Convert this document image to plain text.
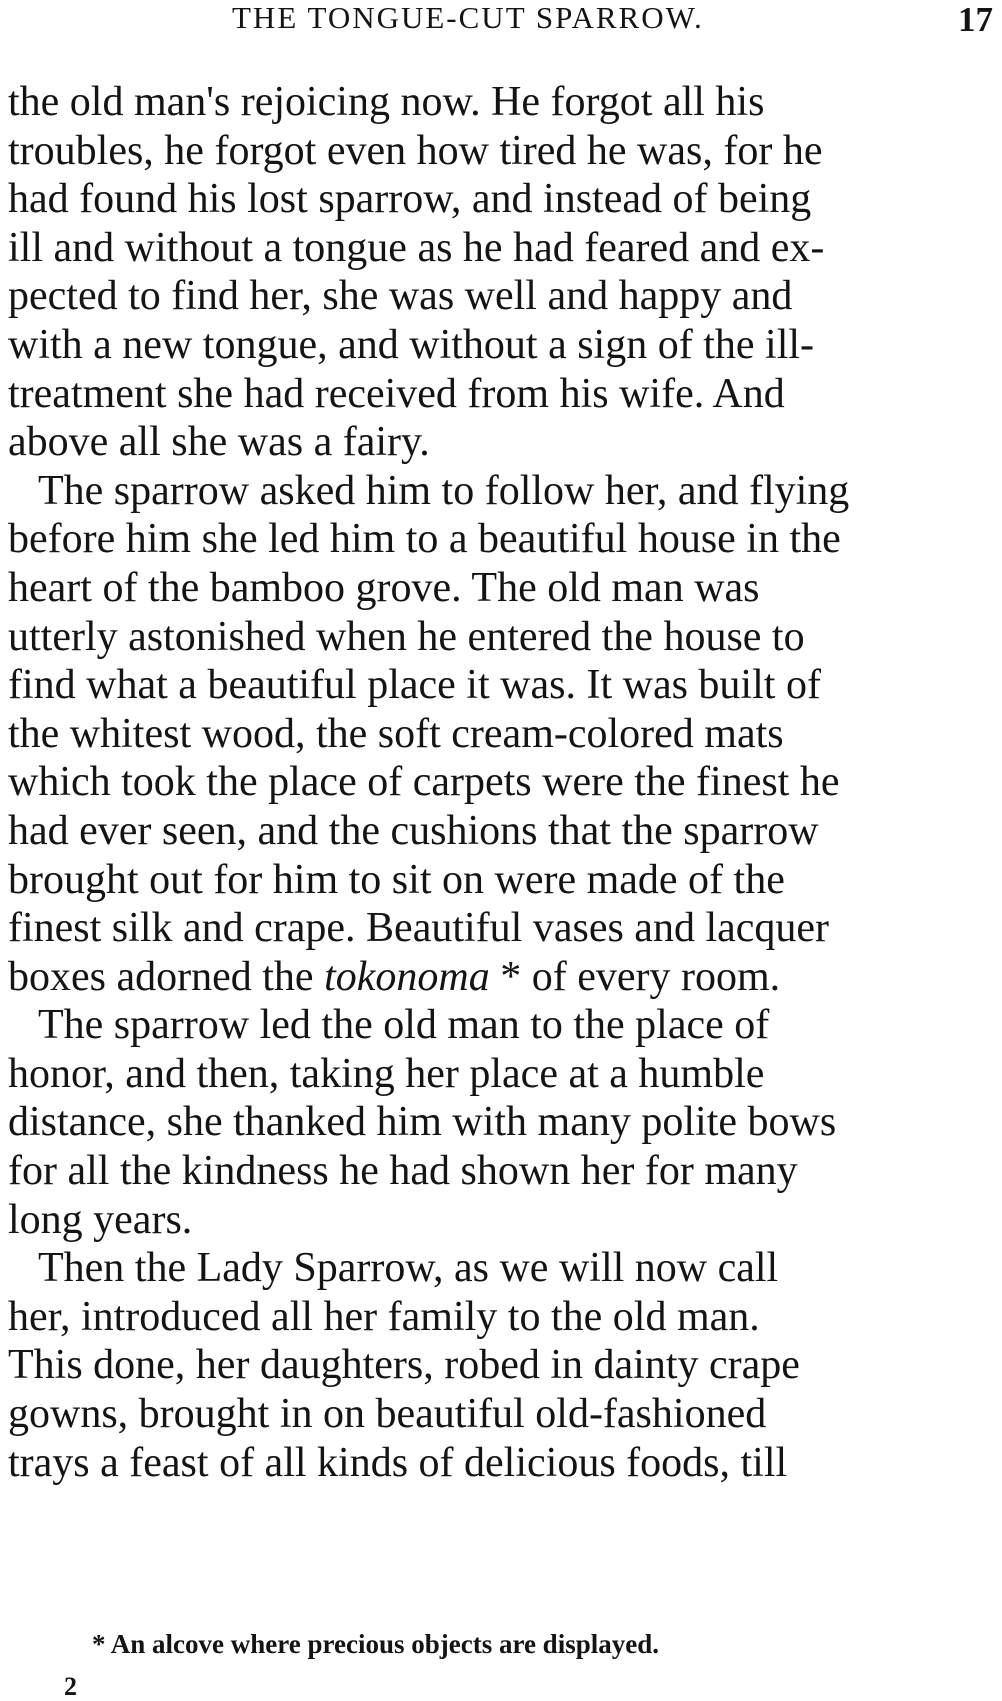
THE TONGUE-CUT SPARROW.	17
the old man's rejoicing now. He forgot all his
troubles, he forgot even how tired he was, for he
had found his lost sparrow, and instead of being
ill and without a tongue as he had feared and ex-
pected to find her, she was well and happy and
with a new tongue, and without a sign of the ill-
treatment she had received from his wife. And
above all she was a fairy.
The sparrow asked him to follow her, and flying
before him she led him to a beautiful house in the
heart of the bamboo grove. The old man was
utterly astonished when he entered the house to
find what a beautiful place it was. It was built of
the whitest wood, the soft cream-colored mats
which took the place of carpets were the finest he
had ever seen, and the cushions that the sparrow
brought out for him to sit on were made of the
finest silk and crape. Beautiful vases and lacquer
boxes adorned the tokonoma * of every room.
The sparrow led the old man to the place of
honor, and then, taking her place at a humble
distance, she thanked him with many polite bows
for all the kindness he had shown her for many
long years.
Then the Lady Sparrow, as we will now call
her, introduced all her family to the old man.
This done, her daughters, robed in dainty crape
gowns, brought in on beautiful old-fashioned
trays a feast of all kinds of delicious foods, till
* An alcove where precious objects are displayed.
2
